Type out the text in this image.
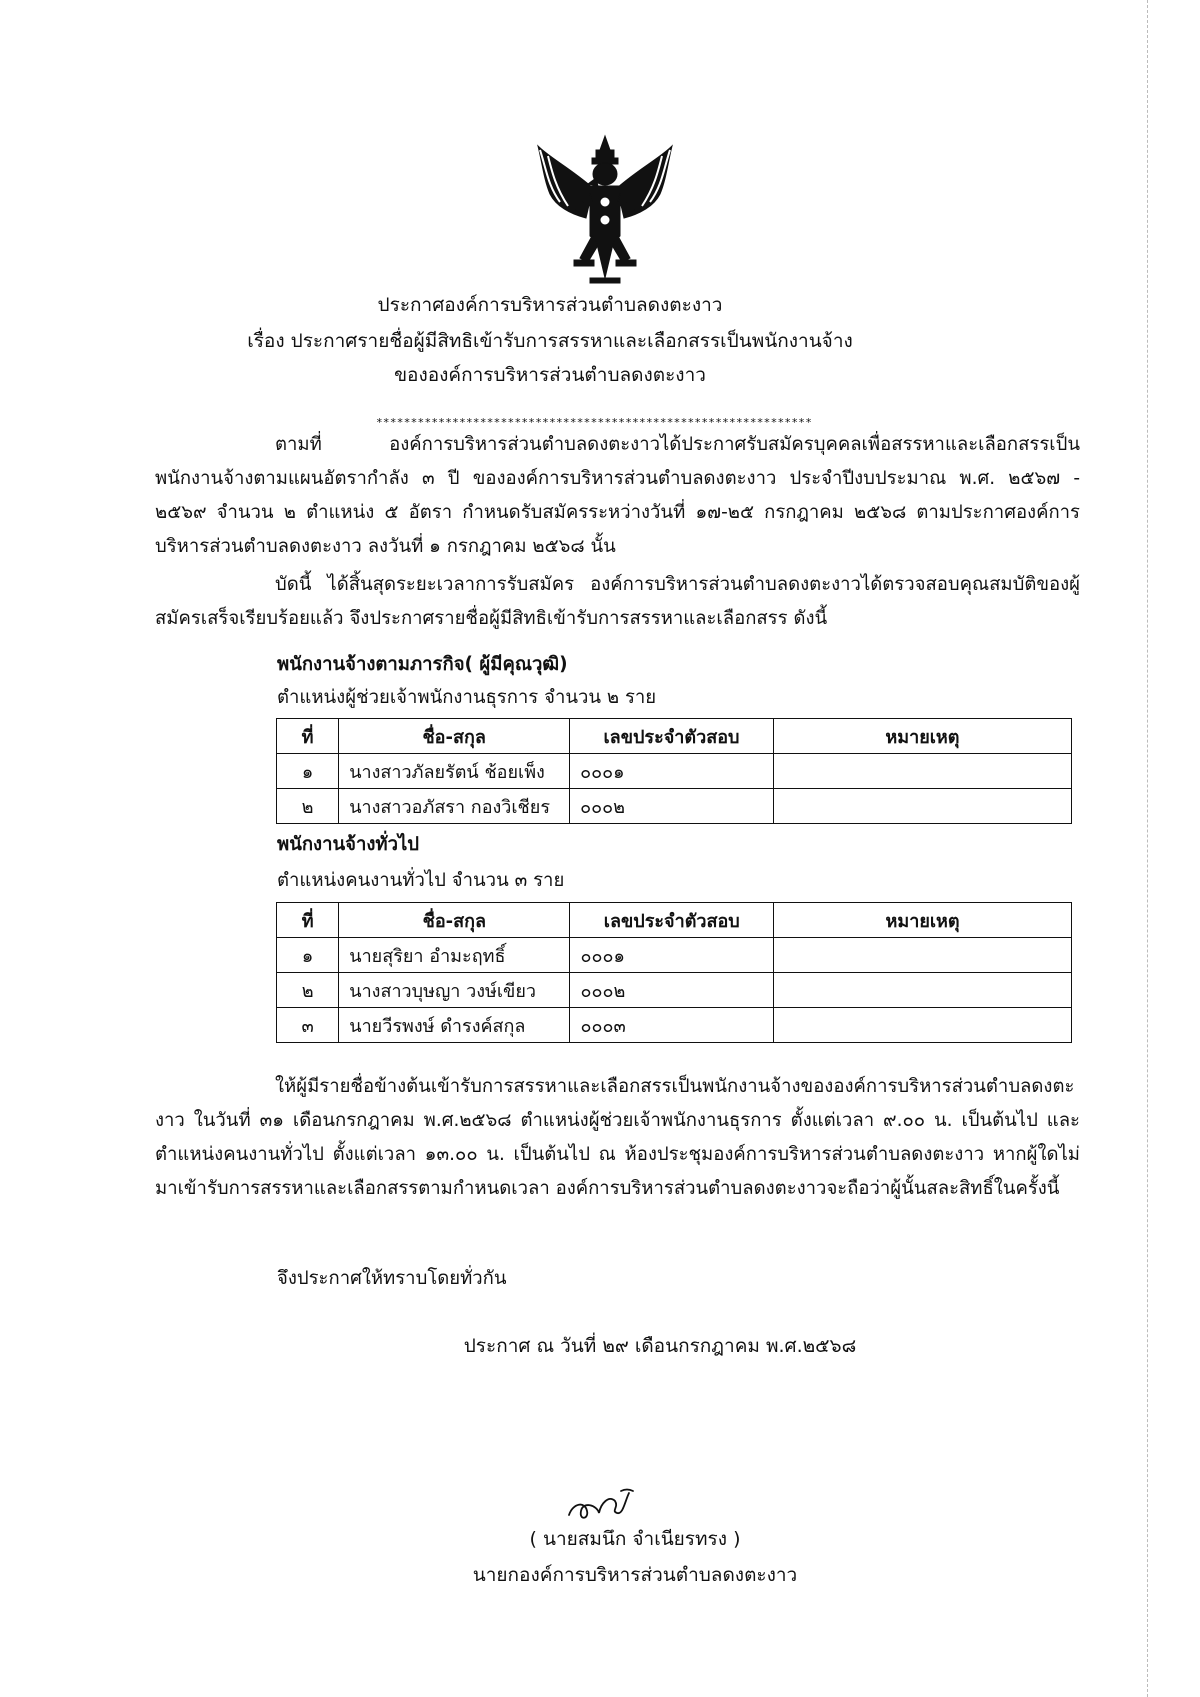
ประกาศองค์การบริหารส่วนตำบลดงตะงาว
เรื่อง ประกาศรายชื่อผู้มีสิทธิเข้ารับการสรรหาและเลือกสรรเป็นพนักงานจ้าง
ขององค์การบริหารส่วนตำบลดงตะงาว
***************************************************************
ตามที่ องค์การบริหารส่วนตำบลดงตะงาวได้ประกาศรับสมัครบุคคลเพื่อสรรหาและเลือกสรรเป็นพนักงานจ้างตามแผนอัตรากำลัง ๓ ปี ขององค์การบริหารส่วนตำบลดงตะงาว ประจำปีงบประมาณ พ.ศ. ๒๕๖๗ - ๒๕๖๙ จำนวน ๒ ตำแหน่ง ๕ อัตรา กำหนดรับสมัครระหว่างวันที่ ๑๗-๒๕ กรกฎาคม ๒๕๖๘ ตามประกาศองค์การบริหารส่วนตำบลดงตะงาว ลงวันที่ ๑ กรกฎาคม ๒๕๖๘ นั้น
บัดนี้ ได้สิ้นสุดระยะเวลาการรับสมัคร องค์การบริหารส่วนตำบลดงตะงาวได้ตรวจสอบคุณสมบัติของผู้สมัครเสร็จเรียบร้อยแล้ว จึงประกาศรายชื่อผู้มีสิทธิเข้ารับการสรรหาและเลือกสรร ดังนี้
พนักงานจ้างตามภารกิจ( ผู้มีคุณวุฒิ)
ตำแหน่งผู้ช่วยเจ้าพนักงานธุรการ จำนวน ๒ ราย
ที่	ชื่อ-สกุล	เลขประจำตัวสอบ	หมายเหตุ
๑	นางสาวภัลยรัตน์ ช้อยเพ็ง	๐๐๐๑	
๒	นางสาวอภัสรา กองวิเชียร	๐๐๐๒	
พนักงานจ้างทั่วไป
ตำแหน่งคนงานทั่วไป จำนวน ๓ ราย
ที่	ชื่อ-สกุล	เลขประจำตัวสอบ	หมายเหตุ
๑	นายสุริยา อำมะฤทธิ์	๐๐๐๑	
๒	นางสาวบุษญา วงษ์เขียว	๐๐๐๒	
๓	นายวีรพงษ์ ดำรงค์สกุล	๐๐๐๓	
ให้ผู้มีรายชื่อข้างต้นเข้ารับการสรรหาและเลือกสรรเป็นพนักงานจ้างขององค์การบริหารส่วนตำบลดงตะงาว ในวันที่ ๓๑ เดือนกรกฎาคม พ.ศ.๒๕๖๘ ตำแหน่งผู้ช่วยเจ้าพนักงานธุรการ ตั้งแต่เวลา ๙.๐๐ น. เป็นต้นไป และตำแหน่งคนงานทั่วไป ตั้งแต่เวลา ๑๓.๐๐ น. เป็นต้นไป ณ ห้องประชุมองค์การบริหารส่วนตำบลดงตะงาว หากผู้ใดไม่มาเข้ารับการสรรหาและเลือกสรรตามกำหนดเวลา องค์การบริหารส่วนตำบลดงตะงาวจะถือว่าผู้นั้นสละสิทธิ์ในครั้งนี้
จึงประกาศให้ทราบโดยทั่วกัน
ประกาศ ณ วันที่ ๒๙ เดือนกรกฎาคม พ.ศ.๒๕๖๘
( นายสมนึก จำเนียรทรง )
นายกองค์การบริหารส่วนตำบลดงตะงาว
